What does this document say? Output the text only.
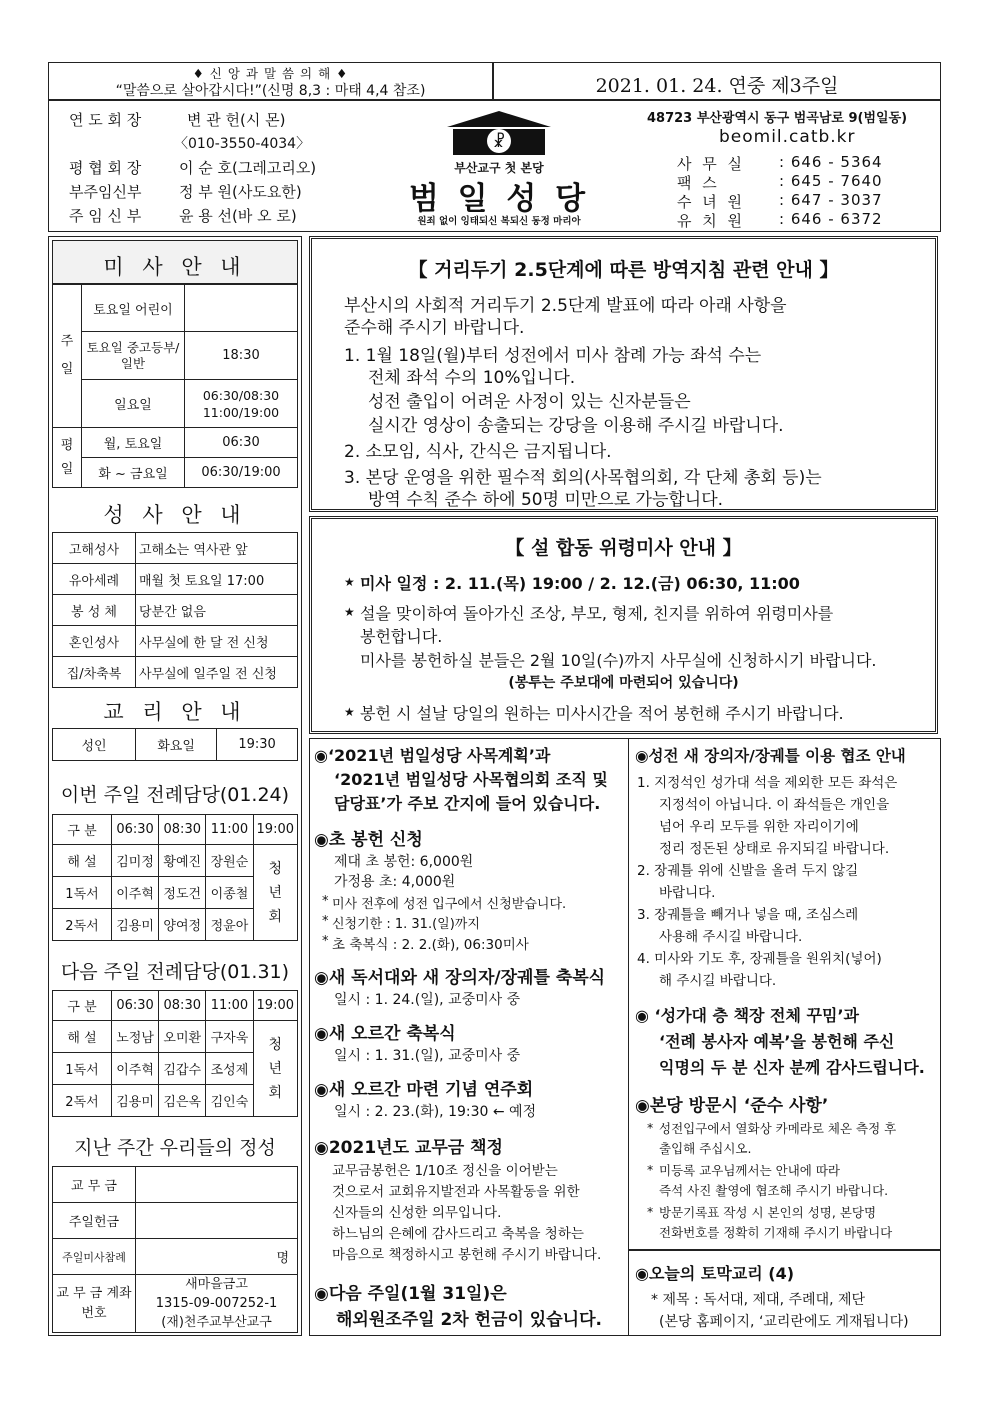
♦ 신 앙 과 말 씀 의 해 ♦
“말씀으로 살아갑시다!”(신명 8,3 : 마태 4,4 참조)	2021. 01. 24. 연중 제3주일
연 도 회 장	변 관 헌(시 몬)
〈010-3550-4034〉
평 협 회 장	이 순 호(그레고리오)
부주임신부	정 부 원(사도요한)
주 임 신 부	윤 용 선(바 오 로)
☧
부산교구 첫 본당
범 일 성 당
원죄 없이 잉태되신 복되신 동정 마리아
48723 부산광역시 동구 범곡남로 9(범일동)
beomil.catb.kr
사 무 실 : 646 - 5364
팩 스	: 645 - 7640
수 녀 원 : 647 - 3037
유 치 원 : 646 - 6372
미 사 안 내
주 일	토요일 어린이	
	토요일 중고등부/일반	18:30
	일요일	06:30/08:30 11:00/19:00
평 일	월, 토요일	06:30
	화 ~ 금요일	06:30/19:00
성 사 안 내
고해성사	고해소는 역사관 앞
유아세례	매월 첫 토요일 17:00
봉 성 체	당분간 없음
혼인성사	사무실에 한 달 전 신청
집/차축복	사무실에 일주일 전 신청
교 리 안 내
성인	화요일	19:30
이번 주일 전례담당(01.24)
구 분	06:30	08:30	11:00	19:00
해 설	김미정	황예진	장원순	청 년 회
1독서	이주혁	정도건	이종철	
2독서	김용미	양여정	정윤아	
다음 주일 전례담당(01.31)
구 분	06:30	08:30	11:00	19:00
해 설	노정남	오미환	구자욱	청 년 회
1독서	이주혁	김갑수	조성제	
2독서	김용미	김은옥	김인숙	
지난 주간 우리들의 정성
교 무 금	
주일헌금	
주일미사참례	명
교 무 금 계좌번호	새마을금고
1315-09-007252-1
(재)천주교부산교구
【 거리두기 2.5단계에 따른 방역지침 관련 안내 】
부산시의 사회적 거리두기 2.5단계 발표에 따라 아래 사항을
준수해 주시기 바랍니다.
1. 1월 18일(월)부터 성전에서 미사 참례 가능 좌석 수는
전체 좌석 수의 10%입니다.
성전 출입이 어려운 사정이 있는 신자분들은
실시간 영상이 송출되는 강당을 이용해 주시길 바랍니다.
2. 소모임, 식사, 간식은 금지됩니다.
3. 본당 운영을 위한 필수적 회의(사목협의회, 각 단체 총회 등)는
방역 수칙 준수 하에 50명 미만으로 가능합니다.
【 설 합동 위령미사 안내 】
★ 미사 일정 : 2. 11.(목) 19:00 / 2. 12.(금) 06:30, 11:00
★ 설을 맞이하여 돌아가신 조상, 부모, 형제, 친지를 위하여 위령미사를
봉헌합니다.
미사를 봉헌하실 분들은 2월 10일(수)까지 사무실에 신청하시기 바랍니다.
(봉투는 주보대에 마련되어 있습니다)
★ 봉헌 시 설날 당일의 원하는 미사시간을 적어 봉헌해 주시기 바랍니다.
◉‘2021년 범일성당 사목계획’과
‘2021년 범일성당 사목협의회 조직 및
담당표’가 주보 간지에 들어 있습니다.
◉초 봉헌 신청
제대 초 봉헌: 6,000원
가정용 초: 4,000원
* 미사 전후에 성전 입구에서 신청받습니다.
* 신청기한 : 1. 31.(일)까지
* 초 축복식 : 2. 2.(화), 06:30미사
◉새 독서대와 새 장의자/장궤틀 축복식
일시 : 1. 24.(일), 교중미사 중
◉새 오르간 축복식
일시 : 1. 31.(일), 교중미사 중
◉새 오르간 마련 기념 연주회
일시 : 2. 23.(화), 19:30 ← 예정
◉2021년도 교무금 책정
교무금봉헌은 1/10조 정신을 이어받는
것으로서 교회유지발전과 사목활동을 위한
신자들의 신성한 의무입니다.
하느님의 은혜에 감사드리고 축복을 청하는
마음으로 책정하시고 봉헌해 주시기 바랍니다.
◉다음 주일(1월 31일)은
해외원조주일 2차 헌금이 있습니다.
◉성전 새 장의자/장궤틀 이용 협조 안내
1. 지정석인 성가대 석을 제외한 모든 좌석은
지정석이 아닙니다. 이 좌석들은 개인을
넘어 우리 모두를 위한 자리이기에
정리 정돈된 상태로 유지되길 바랍니다.
2. 장궤틀 위에 신발을 올려 두지 않길
바랍니다.
3. 장궤틀을 빼거나 넣을 때, 조심스레
사용해 주시길 바랍니다.
4. 미사와 기도 후, 장궤틀을 원위치(넣어)
해 주시길 바랍니다.
◉ ‘성가대 층 책장 전체 꾸밈’과
‘전례 봉사자 예복’을 봉헌해 주신
익명의 두 분 신자 분께 감사드립니다.
◉본당 방문시 ‘준수 사항’
* 성전입구에서 열화상 카메라로 체온 측정 후
출입해 주십시오.
* 미등록 교우님께서는 안내에 따라
즉석 사진 촬영에 협조해 주시기 바랍니다.
* 방문기록표 작성 시 본인의 성명, 본당명
전화번호를 정확히 기재해 주시기 바랍니다
◉오늘의 토막교리 (4)
* 제목 : 독서대, 제대, 주례대, 제단
(본당 홈페이지, ‘교리란에도 게재됩니다)
